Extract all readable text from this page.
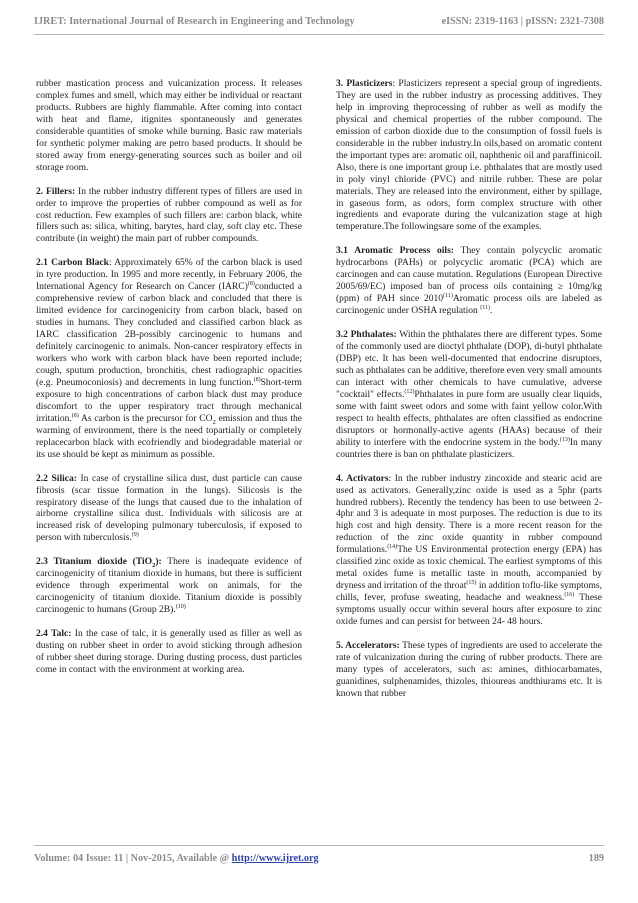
IJRET: International Journal of Research in Engineering and Technology	eISSN: 2319-1163 | pISSN: 2321-7308

rubber mastication process and vulcanization process. It releases complex fumes and smell, which may either be individual or reactant products. Rubbers are highly flammable. After coming into contact with heat and flame, itignites spontaneously and generates considerable quantities of smoke while burning. Basic raw materials for synthetic polymer making are petro based products. It should be stored away from energy-generating sources such as boiler and oil storage room.

2. Fillers: In the rubber industry different types of fillers are used in order to improve the properties of rubber compound as well as for cost reduction. Few examples of such fillers are: carbon black, white fillers such as: silica, whiting, barytes, hard clay, soft clay etc. These contribute (in weight) the main part of rubber compounds.

2.1 Carbon Black: Approximately 65% of the carbon black is used in tyre production. In 1995 and more recently, in February 2006, the International Agency for Research on Cancer (IARC)$^{(8)}$conducted a comprehensive review of carbon black and concluded that there is limited evidence for carcinogenicity from carbon black, based on studies in humans. They concluded and classified carbon black as IARC classification 2B-possibly carcinogenic to humans and definitely carcinogenic to animals. Non-cancer respiratory effects in workers who work with carbon black have been reported include; cough, sputum production, bronchitis, chest radiographic opacities (e.g. Pneumoconiosis) and decrements in lung function.$^{(8)}$Short-term exposure to high concentrations of carbon black dust may produce discomfort to the upper respiratory tract through mechanical irritation.$^{(8)}$ As carbon is the precursor for $CO_2$ emission and thus the warming of environment, there is the need topartially or completely replacecarbon black with ecofriendly and biodegradable material or its use should be kept as minimum as possible.

2.2 Silica: In case of crystalline silica dust, dust particle can cause fibrosis (scar tissue formation in the lungs). Silicosis is the respiratory disease of the lungs that caused due to the inhalation of airborne crystalline silica dust. Individuals with silicosis are at increased risk of developing pulmonary tuberculosis, if exposed to person with tuberculosis.$^{(9)}$

2.3 Titanium dioxide (TiO$_2$): There is inadequate evidence of carcinogenicity of titanium dioxide in humans, but there is sufficient evidence through experimental work on animals, for the carcinogenicity of titanium dioxide. Titanium dioxide is possibly carcinogenic to humans (Group 2B).$^{(10)}$

2.4 Talc: In the case of talc, it is generally used as filler as well as dusting on rubber sheet in order to avoid sticking through adhesion of rubber sheet during storage. During dusting process, dust particles come in contact with the environment at working area.

3. Plasticizers: Plasticizers represent a special group of ingredients. They are used in the rubber industry as processing additives. They help in improving theprocessing of rubber as well as modify the physical and chemical properties of the rubber compound. The emission of carbon dioxide due to the consumption of fossil fuels is considerable in the rubber industry.In oils,based on aromatic content the important types are: aromatic oil, naphthenic oil and paraffinicoil. Also, there is one important group i.e. phthalates that are mostly used in poly vinyl chloride (PVC) and nitrile rubber. These are polar materials. They are released into the environment, either by spillage, in gaseous form, as odors, form complex structure with other ingredients and evaporate during the vulcanization stage at high temperature.The followingsare some of the examples.

3.1 Aromatic Process oils: They contain polycyclic aromatic hydrocarbons (PAHs) or polycyclic aromatic (PCA) which are carcinogen and can cause mutation. Regulations (European Directive 2005/69/EC) imposed ban of process oils containing ≥ 10mg/kg (ppm) of PAH since 2010$^{(11)}$Aromatic process oils are labeled as carcinogenic under OSHA regulation $^{(11)}$.

3.2 Phthalates: Within the phthalates there are different types. Some of the commonly used are dioctyl phthalate (DOP), di-butyl phthalate (DBP) etc. It has been well-documented that endocrine disruptors, such as phthalates can be additive, therefore even very small amounts can interact with other chemicals to have cumulative, adverse "cocktail" effects.$^{(12)}$Phthalates in pure form are usually clear liquids, some with faint sweet odors and some with faint yellow color.With respect to health effects, phthalates are often classified as endocrine disruptors or hormonally-active agents (HAAs) because of their ability to interfere with the endocrine system in the body.$^{(13)}$In many countries there is ban on phthalate plasticizers.

4. Activators: In the rubber industry zincoxide and stearic acid are used as activators. Generally,zinc oxide is used as a 5phr (parts hundred rubbers). Recently the tendency has been to use between 2-4phr and 3 is adequate in most purposes. The reduction is due to its high cost and high density. There is a more recent reason for the reduction of the zinc oxide quantity in rubber compound formulations.$^{(14)}$The US Environmental protection energy (EPA) has classified zinc oxide as toxic chemical. The earliest symptoms of this metal oxides fume is metallic taste in mouth, accompanied by dryness and irritation of the throat$^{(15)}$ in addition toflu-like symptoms, chills, fever, profuse sweating, headache and weakness.$^{(16)}$ These symptoms usually occur within several hours after exposure to zinc oxide fumes and can persist for between 24- 48 hours.

5. Accelerators: These types of ingredients are used to accelerate the rate of vulcanization during the curing of rubber products. There are many types of accelerators, such as: amines, dithiocarbamates, guanidines, sulphenamides, thizoles, thioureas andthiurams etc. It is known that rubber

Volume: 04 Issue: 11 | Nov-2015, Available @ http://www.ijret.org	189
